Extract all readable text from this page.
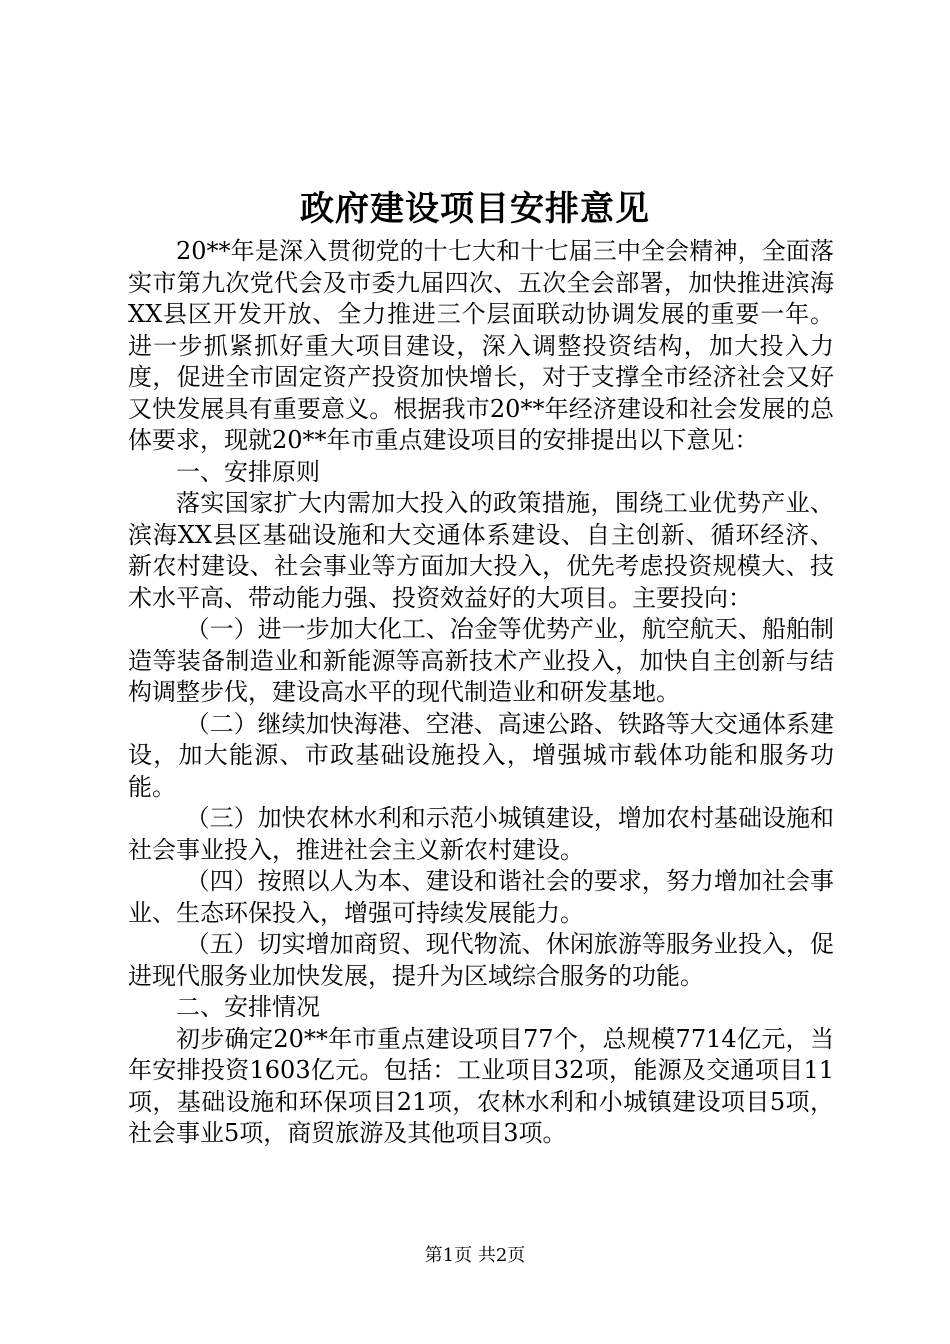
政府建设项目安排意见

20**年是深入贯彻党的十七大和十七届三中全会精神，全面落实市第九次党代会及市委九届四次、五次全会部署，加快推进滨海XX县区开发开放、全力推进三个层面联动协调发展的重要一年。进一步抓紧抓好重大项目建设，深入调整投资结构，加大投入力度，促进全市固定资产投资加快增长，对于支撑全市经济社会又好又快发展具有重要意义。根据我市20**年经济建设和社会发展的总体要求，现就20**年市重点建设项目的安排提出以下意见：

一、安排原则

落实国家扩大内需加大投入的政策措施，围绕工业优势产业、滨海XX县区基础设施和大交通体系建设、自主创新、循环经济、新农村建设、社会事业等方面加大投入，优先考虑投资规模大、技术水平高、带动能力强、投资效益好的大项目。主要投向：

（一）进一步加大化工、冶金等优势产业，航空航天、船舶制造等装备制造业和新能源等高新技术产业投入，加快自主创新与结构调整步伐，建设高水平的现代制造业和研发基地。

（二）继续加快海港、空港、高速公路、铁路等大交通体系建设，加大能源、市政基础设施投入，增强城市载体功能和服务功能。

（三）加快农林水利和示范小城镇建设，增加农村基础设施和社会事业投入，推进社会主义新农村建设。

（四）按照以人为本、建设和谐社会的要求，努力增加社会事业、生态环保投入，增强可持续发展能力。

（五）切实增加商贸、现代物流、休闲旅游等服务业投入，促进现代服务业加快发展，提升为区域综合服务的功能。

二、安排情况

初步确定20**年市重点建设项目77个，总规模7714亿元，当年安排投资1603亿元。包括：工业项目32项，能源及交通项目11项，基础设施和环保项目21项，农林水利和小城镇建设项目5项，社会事业5项，商贸旅游及其他项目3项。

第1页 共2页
